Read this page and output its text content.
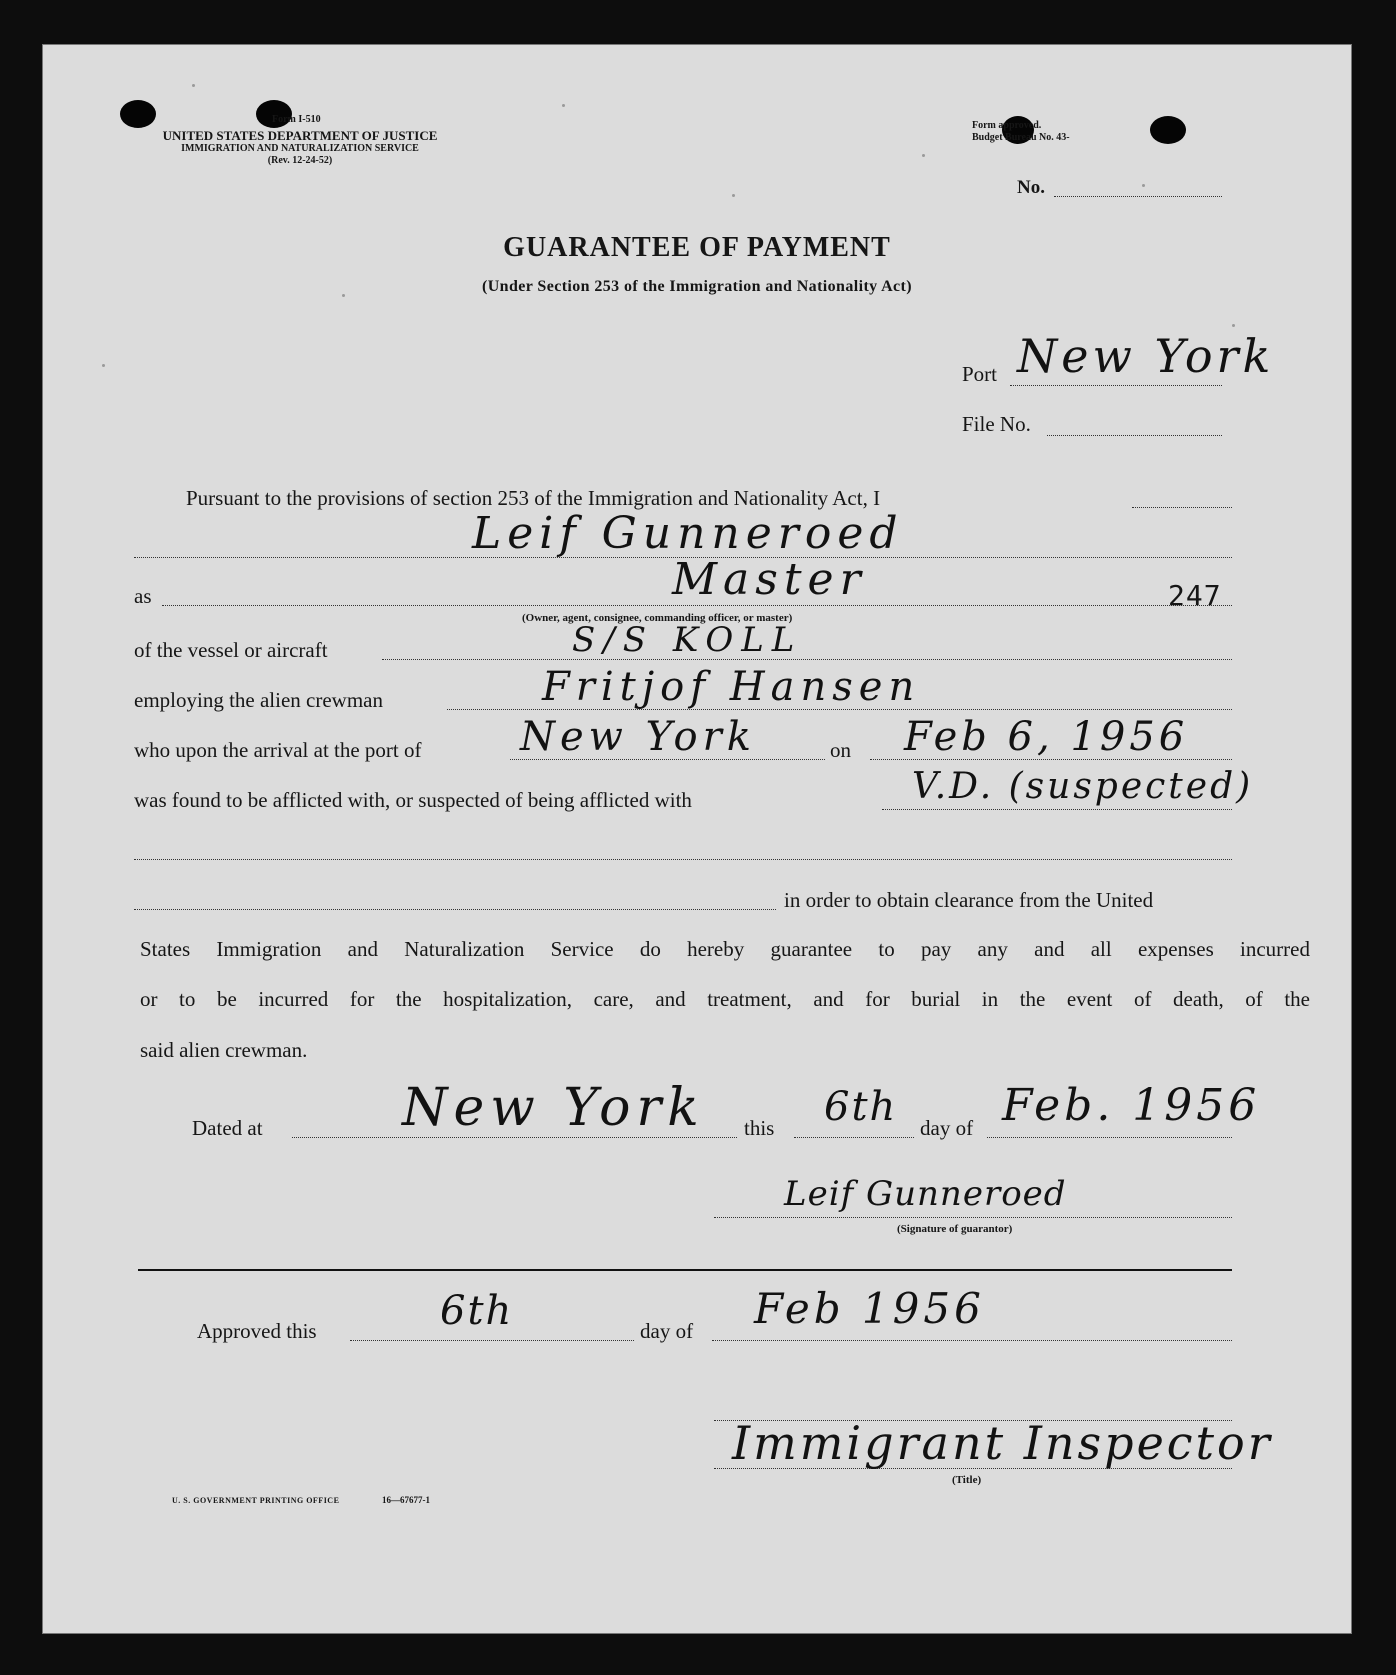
Form I-510
UNITED STATES DEPARTMENT OF JUSTICE
IMMIGRATION AND NATURALIZATION SERVICE
(Rev. 12-24-52)
Form approved.
Budget Bureau No. 43-
No.
GUARANTEE OF PAYMENT
(Under Section 253 of the Immigration and Nationality Act)
Port New York
File No.
Pursuant to the provisions of section 253 of the Immigration and Nationality Act, I
Leif Gunneroed
as	Master	247
(Owner, agent, consignee, commanding officer, or master)
of the vessel or aircraft	S/S KOLL
employing the alien crewman	Fritjof Hansen
who upon the arrival at the port of New York	on Feb 6, 1956
was found to be afflicted with, or suspected of being afflicted with	V.D. (suspected)
in order to obtain clearance from the United
States Immigration and Naturalization Service do hereby guarantee to pay any and all expenses incurred
or to be incurred for the hospitalization, care, and treatment, and for burial in the event of death, of the
said alien crewman.
Dated at	New York this 6th day of Feb. 1956
Leif Gunneroed
(Signature of guarantor)
Approved this	6th	day of Feb 1956
Immigrant Inspector
(Title)
U. S. GOVERNMENT PRINTING OFFICE	16—67677-1
